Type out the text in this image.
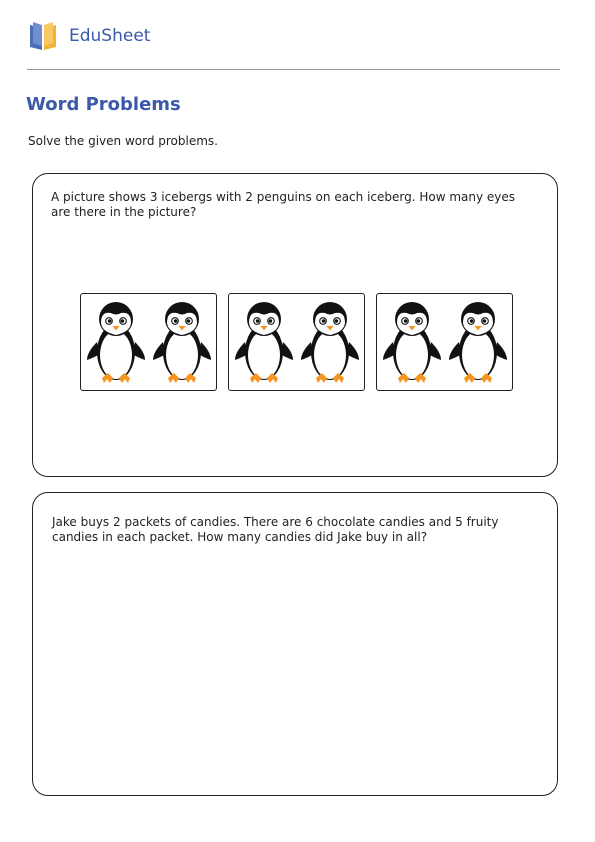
EduSheet
Word Problems
Solve the given word problems.
A picture shows 3 icebergs with 2 penguins on each iceberg. How many eyes are there in the picture?
Jake buys 2 packets of candies. There are 6 chocolate candies and 5 fruity candies in each packet. How many candies did Jake buy in all?
